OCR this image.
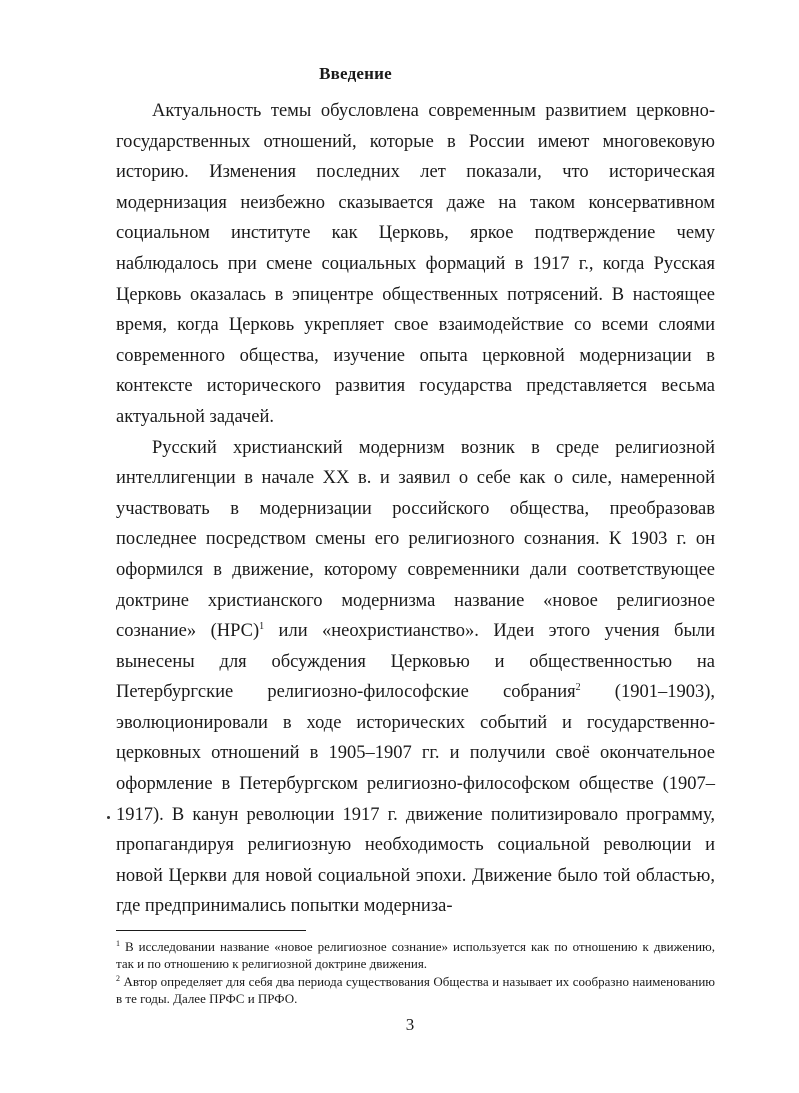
Введение

Актуальность темы обусловлена современным развитием церковно-государственных отношений, которые в России имеют многовековую историю. Изменения последних лет показали, что историческая модернизация неизбежно сказывается даже на таком консервативном социальном институте как Церковь, яркое подтверждение чему наблюдалось при смене социальных формаций в 1917 г., когда Русская Церковь оказалась в эпицентре общественных потрясений. В настоящее время, когда Церковь укрепляет свое взаимодействие со всеми слоями современного общества, изучение опыта церковной модернизации в контексте исторического развития государства представляется весьма актуальной задачей.

Русский христианский модернизм возник в среде религиозной интеллигенции в начале XX в. и заявил о себе как о силе, намеренной участвовать в модернизации российского общества, преобразовав последнее посредством смены его религиозного сознания. К 1903 г. он оформился в движение, которому современники дали соответствующее доктрине христианского модернизма название «новое религиозное сознание» (НРС)$^1$ или «неохристианство». Идеи этого учения были вынесены для обсуждения Церковью и общественностью на Петербургские религиозно-философские собрания$^2$ (1901–1903), эволюционировали в ходе исторических событий и государственно-церковных отношений в 1905–1907 гг. и получили своё окончательное оформление в Петербургском религиозно-философском обществе (1907–1917). В канун революции 1917 г. движение политизировало программу, пропагандируя религиозную необходимость социальной революции и новой Церкви для новой социальной эпохи. Движение было той областью, где предпринимались попытки модерниза-

$^1$ В исследовании название «новое религиозное сознание» используется как по отношению к движению, так и по отношению к религиозной доктрине движения.

$^2$ Автор определяет для себя два периода существования Общества и называет их сообразно наименованию в те годы. Далее ПРФС и ПРФО.

3
